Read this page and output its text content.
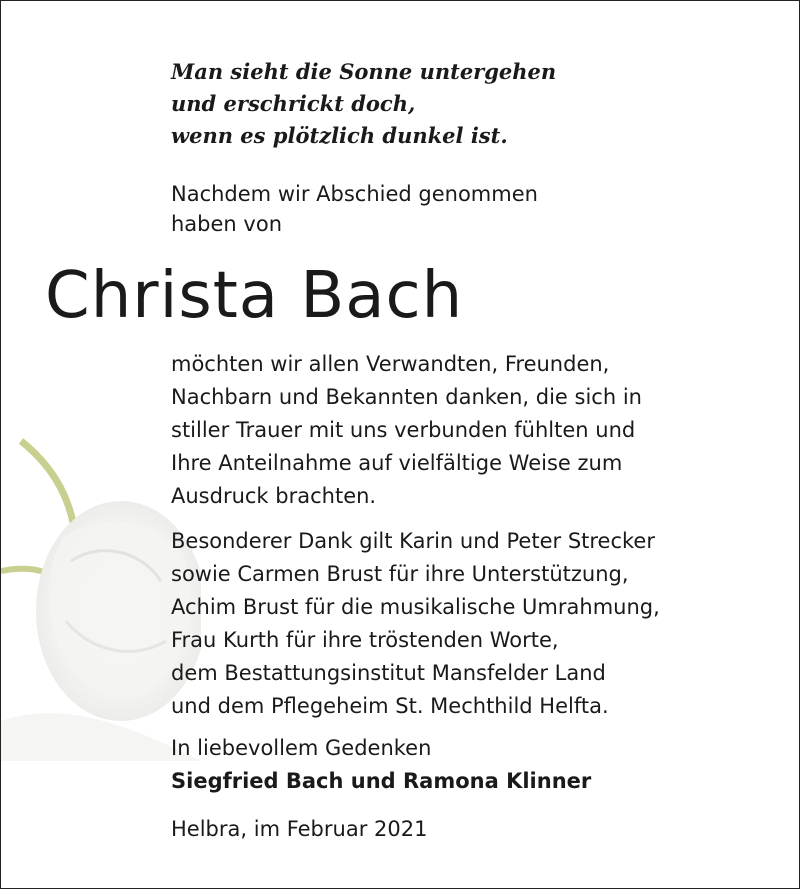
Man sieht die Sonne untergehen
und erschrickt doch,
wenn es plötzlich dunkel ist.
Nachdem wir Abschied genommen
haben von
Christa Bach
möchten wir allen Verwandten, Freunden,
Nachbarn und Bekannten danken, die sich in
stiller Trauer mit uns verbunden fühlten und
Ihre Anteilnahme auf vielfältige Weise zum
Ausdruck brachten.
Besonderer Dank gilt Karin und Peter Strecker
sowie Carmen Brust für ihre Unterstützung,
Achim Brust für die musikalische Umrahmung,
Frau Kurth für ihre tröstenden Worte,
dem Bestattungsinstitut Mansfelder Land
und dem Pflegeheim St. Mechthild Helfta.
In liebevollem Gedenken
Siegfried Bach und Ramona Klinner
Helbra, im Februar 2021
